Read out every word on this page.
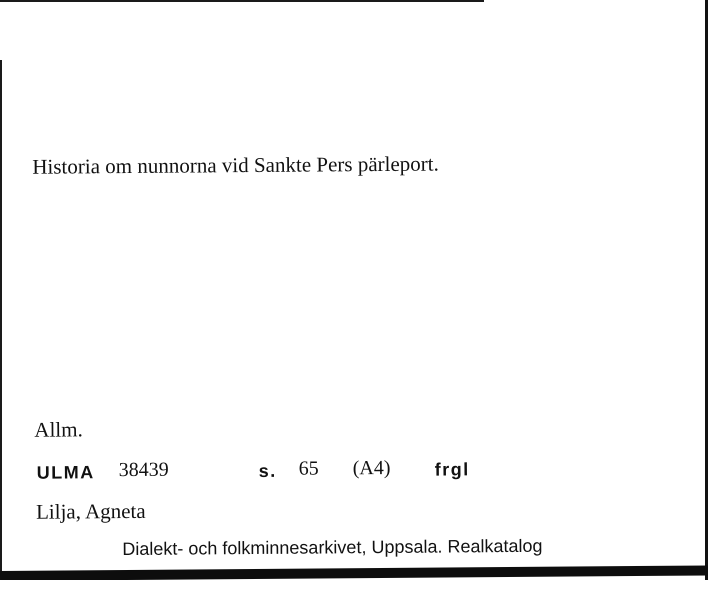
Historia om nunnorna vid Sankte Pers pärleport.
Allm.
ULMA 38439	s. 65 (A4) frgl
Lilja, Agneta
Dialekt- och folkminnesarkivet, Uppsala. Realkatalog
